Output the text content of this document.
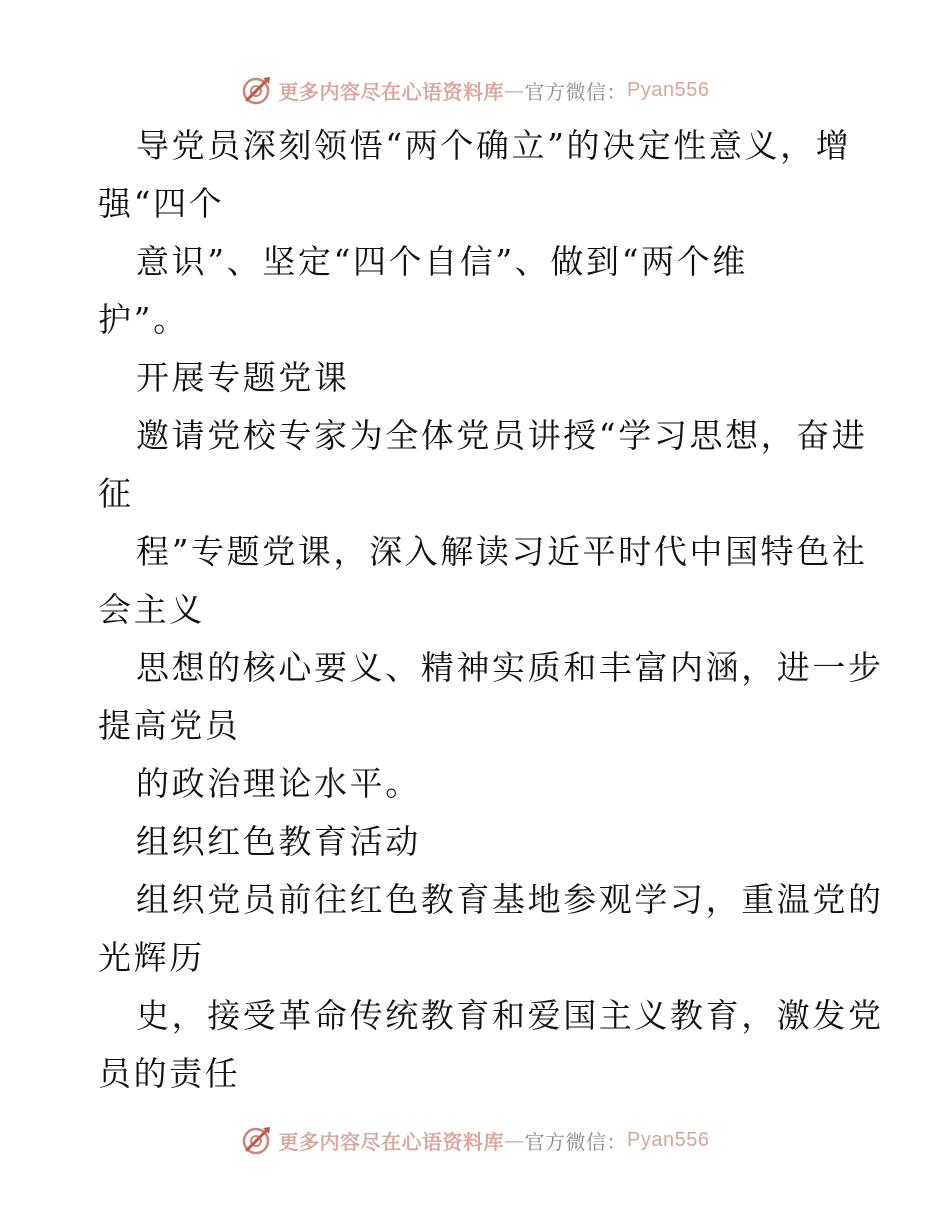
更多内容尽在心语资料库 — 官方微信： Pyan556
导党员深刻领悟“两个确立”的决定性意义，增
强“四个
意识”、坚定“四个自信”、做到“两个维
护”。
开展专题党课
邀请党校专家为全体党员讲授“学习思想，奋进
征
程”专题党课，深入解读习近平时代中国特色社
会主义
思想的核心要义、精神实质和丰富内涵，进一步
提高党员
的政治理论水平。
组织红色教育活动
组织党员前往红色教育基地参观学习，重温党的
光辉历
史，接受革命传统教育和爱国主义教育，激发党
员的责任
更多内容尽在心语资料库 — 官方微信： Pyan556
